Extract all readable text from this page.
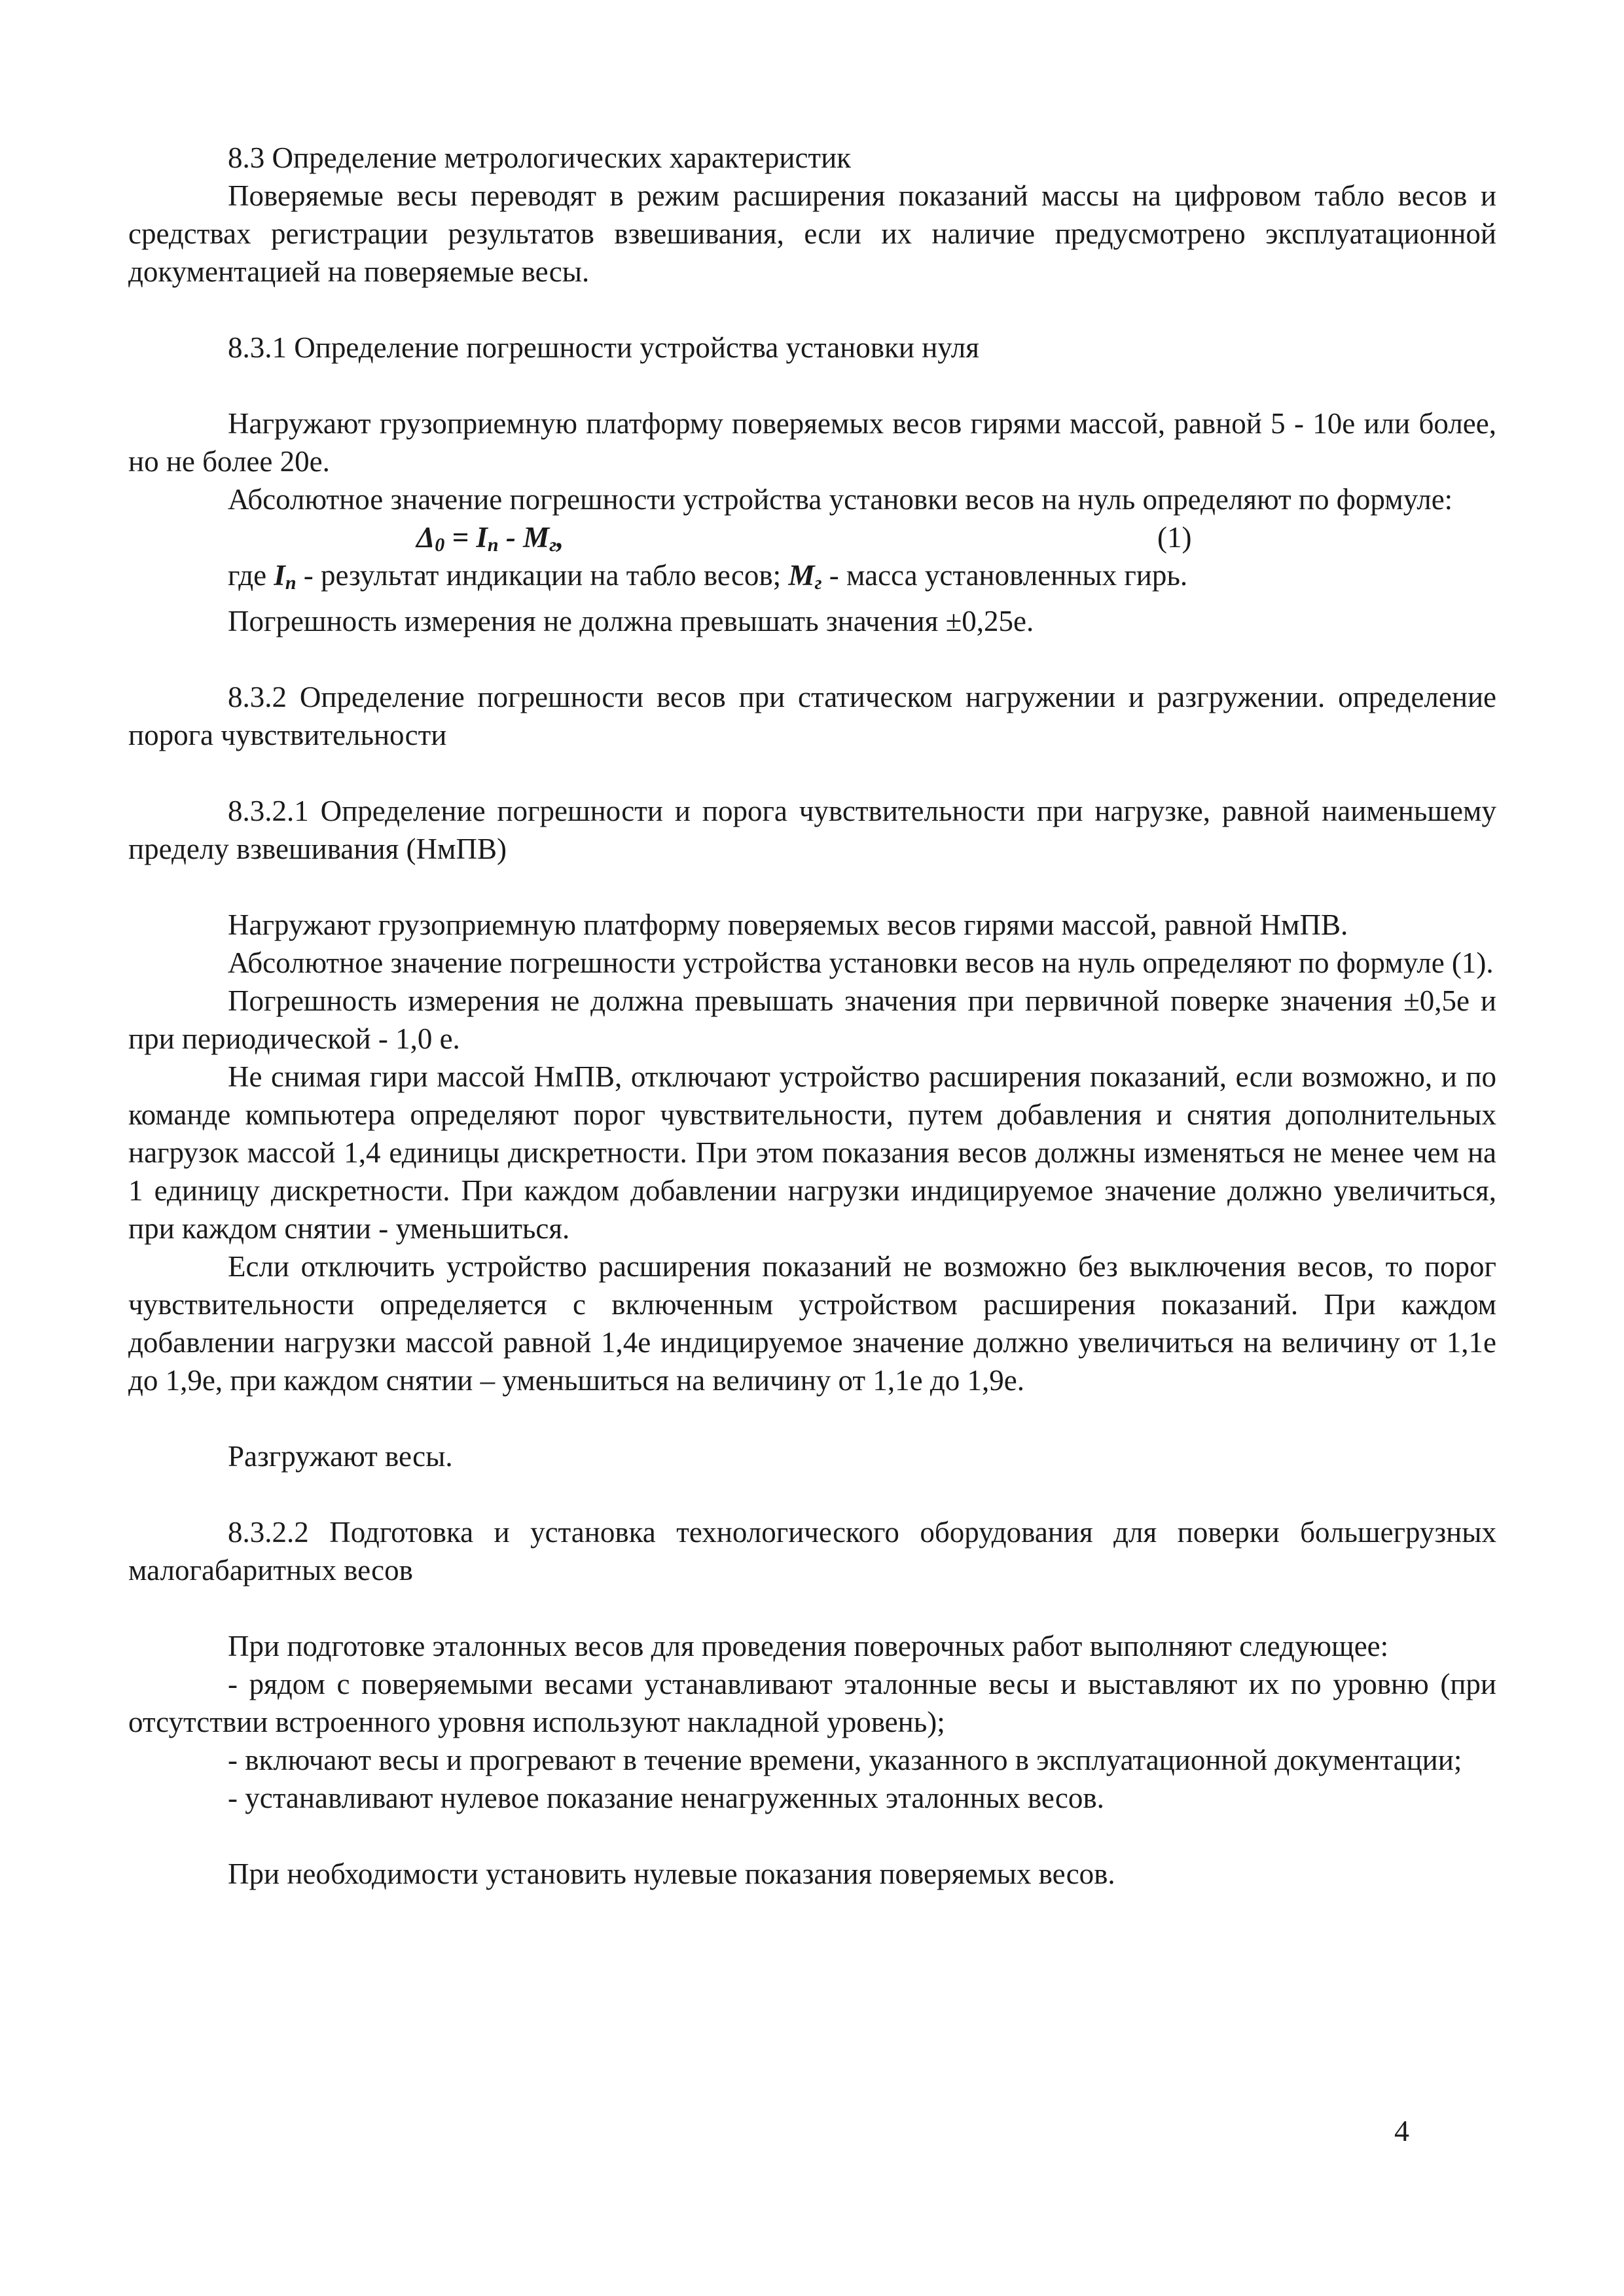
8.3 Определение метрологических характеристик

Поверяемые весы переводят в режим расширения показаний массы на цифровом табло весов и средствах регистрации результатов взвешивания, если их наличие предусмотрено эксплуатационной документацией на поверяемые весы.

8.3.1 Определение погрешности устройства установки нуля

Нагружают грузоприемную платформу поверяемых весов гирями массой, равной 5 - 10е или более, но не более 20е.

Абсолютное значение погрешности устройства установки весов на нуль определяют по формуле:

$\Delta_0 = I_n - M_г$,	(1)

где $I_n$ - результат индикации на табло весов; $M_г$ - масса установленных гирь.

Погрешность измерения не должна превышать значения ±0,25е.

8.3.2 Определение погрешности весов при статическом нагружении и разгружении. определение порога чувствительности

8.3.2.1 Определение погрешности и порога чувствительности при нагрузке, равной наименьшему пределу взвешивания (НмПВ)

Нагружают грузоприемную платформу поверяемых весов гирями массой, равной НмПВ.

Абсолютное значение погрешности устройства установки весов на нуль определяют по формуле (1).

Погрешность измерения не должна превышать значения при первичной поверке значения ±0,5е и при периодической - 1,0 е.

Не снимая гири массой НмПВ, отключают устройство расширения показаний, если возможно, и по команде компьютера определяют порог чувствительности, путем добавления и снятия дополнительных нагрузок массой 1,4 единицы дискретности. При этом показания весов должны изменяться не менее чем на 1 единицу дискретности. При каждом добавлении нагрузки индицируемое значение должно увеличиться, при каждом снятии - уменьшиться.

Если отключить устройство расширения показаний не возможно без выключения весов, то порог чувствительности определяется с включенным устройством расширения показаний. При каждом добавлении нагрузки массой равной 1,4е индицируемое значение должно увеличиться на величину от 1,1е до 1,9е, при каждом снятии – уменьшиться на величину от 1,1е до 1,9е.

Разгружают весы.

8.3.2.2 Подготовка и установка технологического оборудования для поверки большегрузных малогабаритных весов

При подготовке эталонных весов для проведения поверочных работ выполняют следующее:

- рядом с поверяемыми весами устанавливают эталонные весы и выставляют их по уровню (при отсутствии встроенного уровня используют накладной уровень);

- включают весы и прогревают в течение времени, указанного в эксплуатационной документации;

- устанавливают нулевое показание ненагруженных эталонных весов.

При необходимости установить нулевые показания поверяемых весов.

4
